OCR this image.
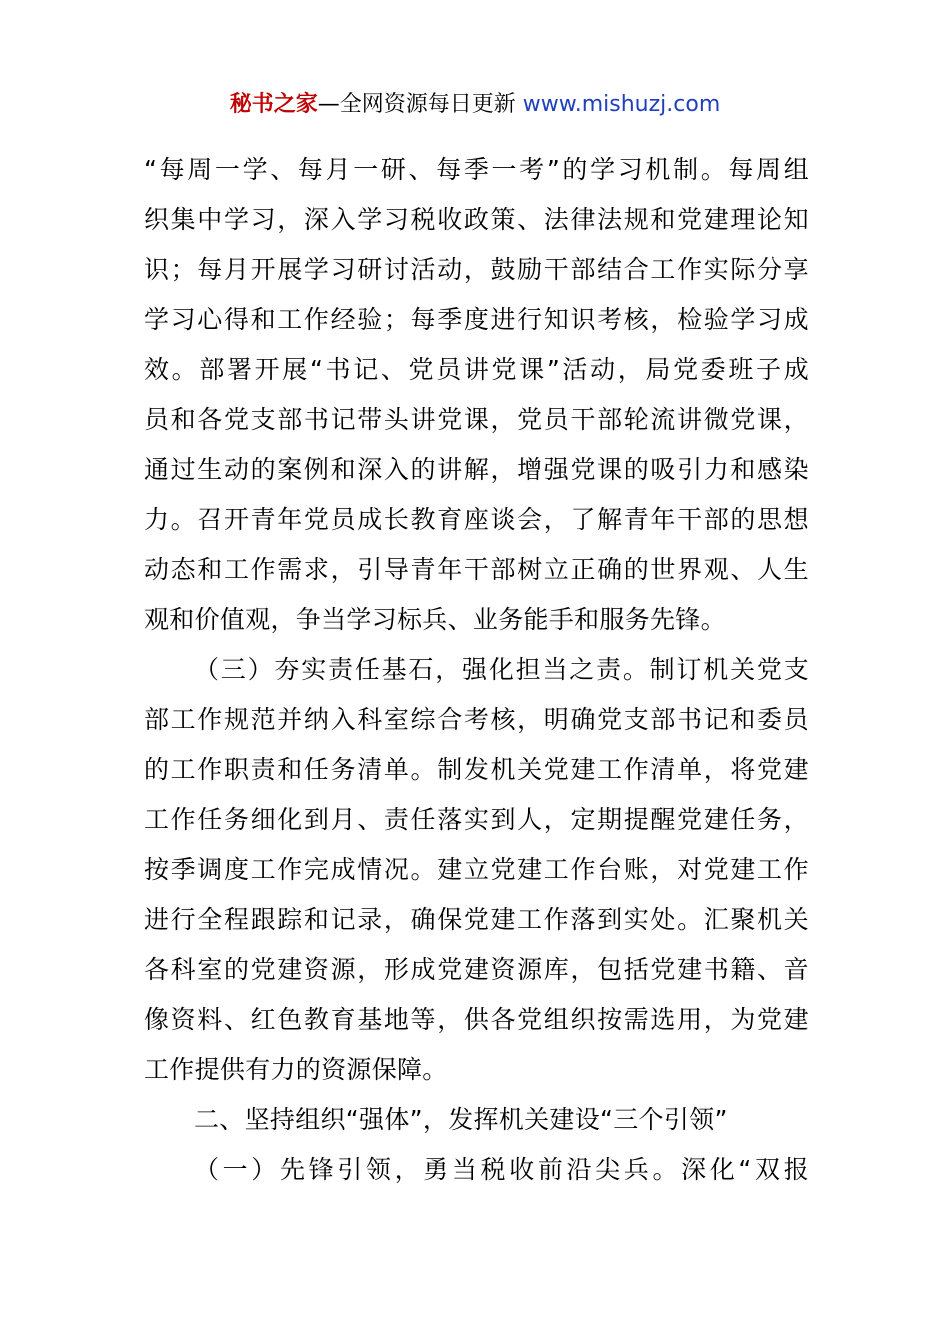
秘书之家—全网资源每日更新 www.mishuzj.com
“每周一学、每月一研、每季一考”的学习机制。每周组
织集中学习，深入学习税收政策、法律法规和党建理论知
识；每月开展学习研讨活动，鼓励干部结合工作实际分享
学习心得和工作经验；每季度进行知识考核，检验学习成
效。部署开展“书记、党员讲党课”活动，局党委班子成
员和各党支部书记带头讲党课，党员干部轮流讲微党课，
通过生动的案例和深入的讲解，增强党课的吸引力和感染
力。召开青年党员成长教育座谈会，了解青年干部的思想
动态和工作需求，引导青年干部树立正确的世界观、人生
观和价值观，争当学习标兵、业务能手和服务先锋。
（三）夯实责任基石，强化担当之责。制订机关党支
部工作规范并纳入科室综合考核，明确党支部书记和委员
的工作职责和任务清单。制发机关党建工作清单，将党建
工作任务细化到月、责任落实到人，定期提醒党建任务，
按季调度工作完成情况。建立党建工作台账，对党建工作
进行全程跟踪和记录，确保党建工作落到实处。汇聚机关
各科室的党建资源，形成党建资源库，包括党建书籍、音
像资料、红色教育基地等，供各党组织按需选用，为党建
工作提供有力的资源保障。
二、坚持组织“强体”，发挥机关建设“三个引领”
（一）先锋引领，勇当税收前沿尖兵。深化“双报
